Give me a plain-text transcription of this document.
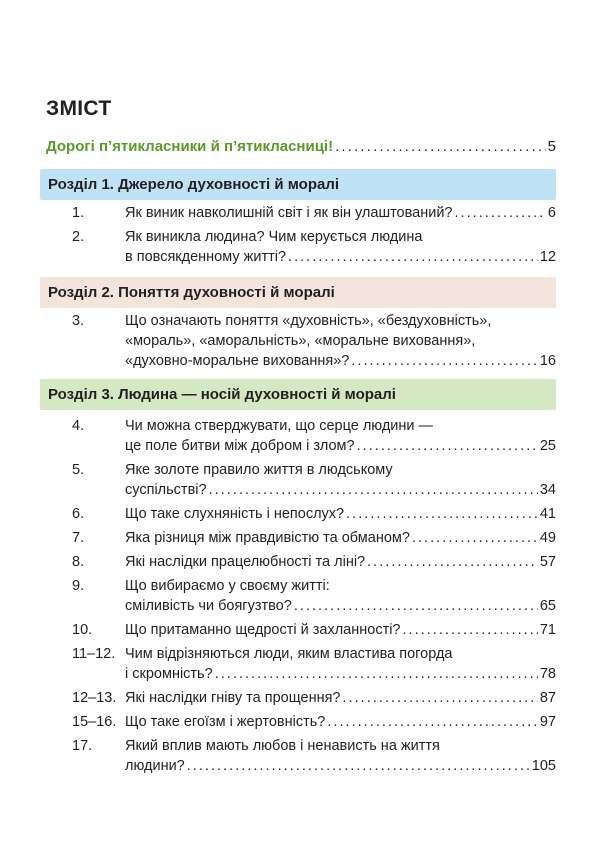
ЗМІСТ
Дорогі п’ятикласники й п’ятикласниці! . . .	5
Розділ 1. Джерело духовності й моралі
1.	Як виник навколишній світ і як він улаштований? . . .	6
2.	Як виникла людина? Чим керується людина
в повсякденному житті? . . .	12
Розділ 2. Поняття духовності й моралі
3.	Що означають поняття «духовність», «бездуховність»,
«мораль», «аморальність», «моральне виховання»,
«духовно-моральне виховання»? . . .	16
Розділ 3. Людина — носій духовності й моралі
4.	Чи можна стверджувати, що серце людини —
це поле битви між добром і злом? . . .	25
5.	Яке золоте правило життя в людському
суспільстві? . . .	34
6.	Що таке слухняність і непослух? . . .	41
7.	Яка різниця між правдивістю та обманом? . . .	49
8.	Які наслідки працелюбності та ліні? . . .	57
9.	Що вибираємо у своєму житті:
сміливість чи боягузтво? . . .	65
10.	Що притаманно щедрості й захланності? . . .	71
11–12. Чим відрізняються люди, яким властива погорда
і скромність? . . .	78
12–13. Які наслідки гніву та прощення? . . .	87
15–16. Що таке егоїзм і жертовність? . . .	97
17.	Який вплив мають любов і ненависть на життя
людини? . . .	105
